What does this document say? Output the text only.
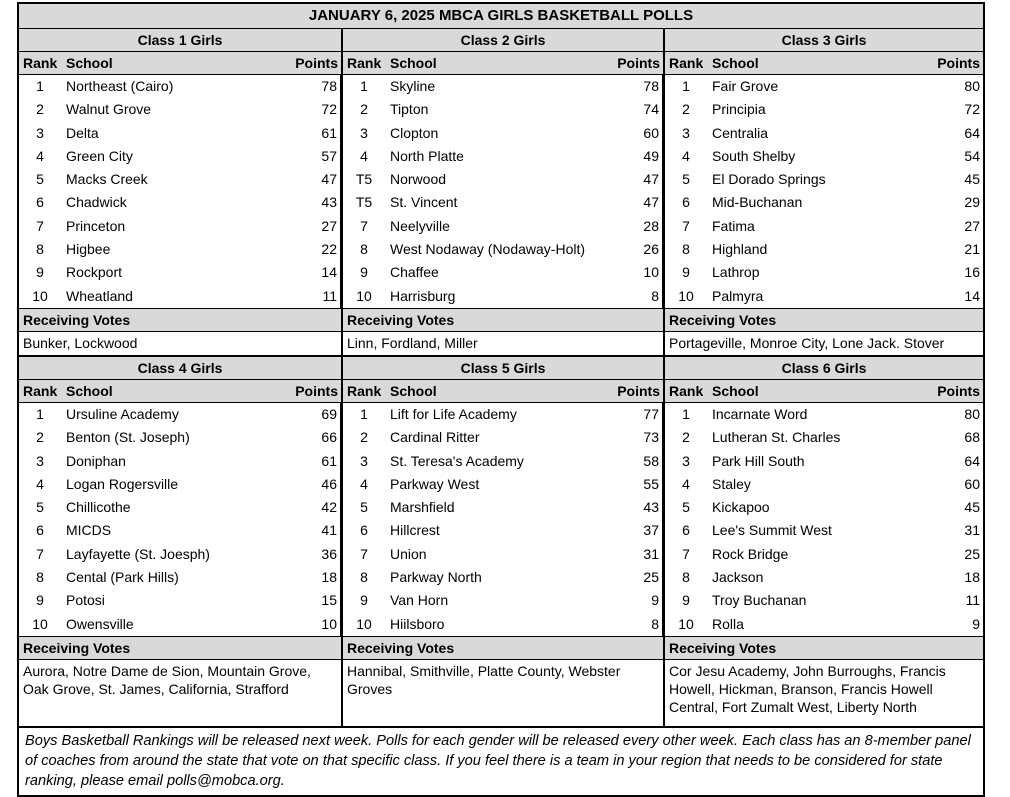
JANUARY 6, 2025 MBCA GIRLS BASKETBALL POLLS
Class 1 Girls
Rank School	Points
1	Northeast (Cairo)	78
2	Walnut Grove	72
3	Delta	61
4	Green City	57
5	Macks Creek	47
6	Chadwick	43
7	Princeton	27
8	Higbee	22
9	Rockport	14
10	Wheatland	11
Receiving Votes
Bunker, Lockwood
Class 2 Girls
Rank School	Points
1	Skyline	78
2	Tipton	74
3	Clopton	60
4	North Platte	49
T5	Norwood	47
T5	St. Vincent	47
7	Neelyville	28
8	West Nodaway (Nodaway-Holt)	26
9	Chaffee	10
10	Harrisburg	8
Receiving Votes
Linn, Fordland, Miller
Class 3 Girls
Rank School	Points
1	Fair Grove	80
2	Principia	72
3	Centralia	64
4	South Shelby	54
5	El Dorado Springs	45
6	Mid-Buchanan	29
7	Fatima	27
8	Highland	21
9	Lathrop	16
10	Palmyra	14
Receiving Votes
Portageville, Monroe City, Lone Jack. Stover
Class 4 Girls
Rank School	Points
1	Ursuline Academy	69
2	Benton (St. Joseph)	66
3	Doniphan	61
4	Logan Rogersville	46
5	Chillicothe	42
6	MICDS	41
7	Layfayette (St. Joesph)	36
8	Cental (Park Hills)	18
9	Potosi	15
10	Owensville	10
Receiving Votes
Aurora, Notre Dame de Sion, Mountain Grove, Oak Grove, St. James, California, Strafford
Class 5 Girls
Rank School	Points
1	Lift for Life Academy	77
2	Cardinal Ritter	73
3	St. Teresa's Academy	58
4	Parkway West	55
5	Marshfield	43
6	Hillcrest	37
7	Union	31
8	Parkway North	25
9	Van Horn	9
10	Hiilsboro	8
Receiving Votes
Hannibal, Smithville, Platte County, Webster Groves
Class 6 Girls
Rank School	Points
1	Incarnate Word	80
2	Lutheran St. Charles	68
3	Park Hill South	64
4	Staley	60
5	Kickapoo	45
6	Lee's Summit West	31
7	Rock Bridge	25
8	Jackson	18
9	Troy Buchanan	11
10	Rolla	9
Receiving Votes
Cor Jesu Academy, John Burroughs, Francis Howell, Hickman, Branson, Francis Howell Central, Fort Zumalt West, Liberty North
Boys Basketball Rankings will be released next week. Polls for each gender will be released every other week. Each class has an 8-member panel of coaches from around the state that vote on that specific class. If you feel there is a team in your region that needs to be considered for state ranking, please email polls@mobca.org.
